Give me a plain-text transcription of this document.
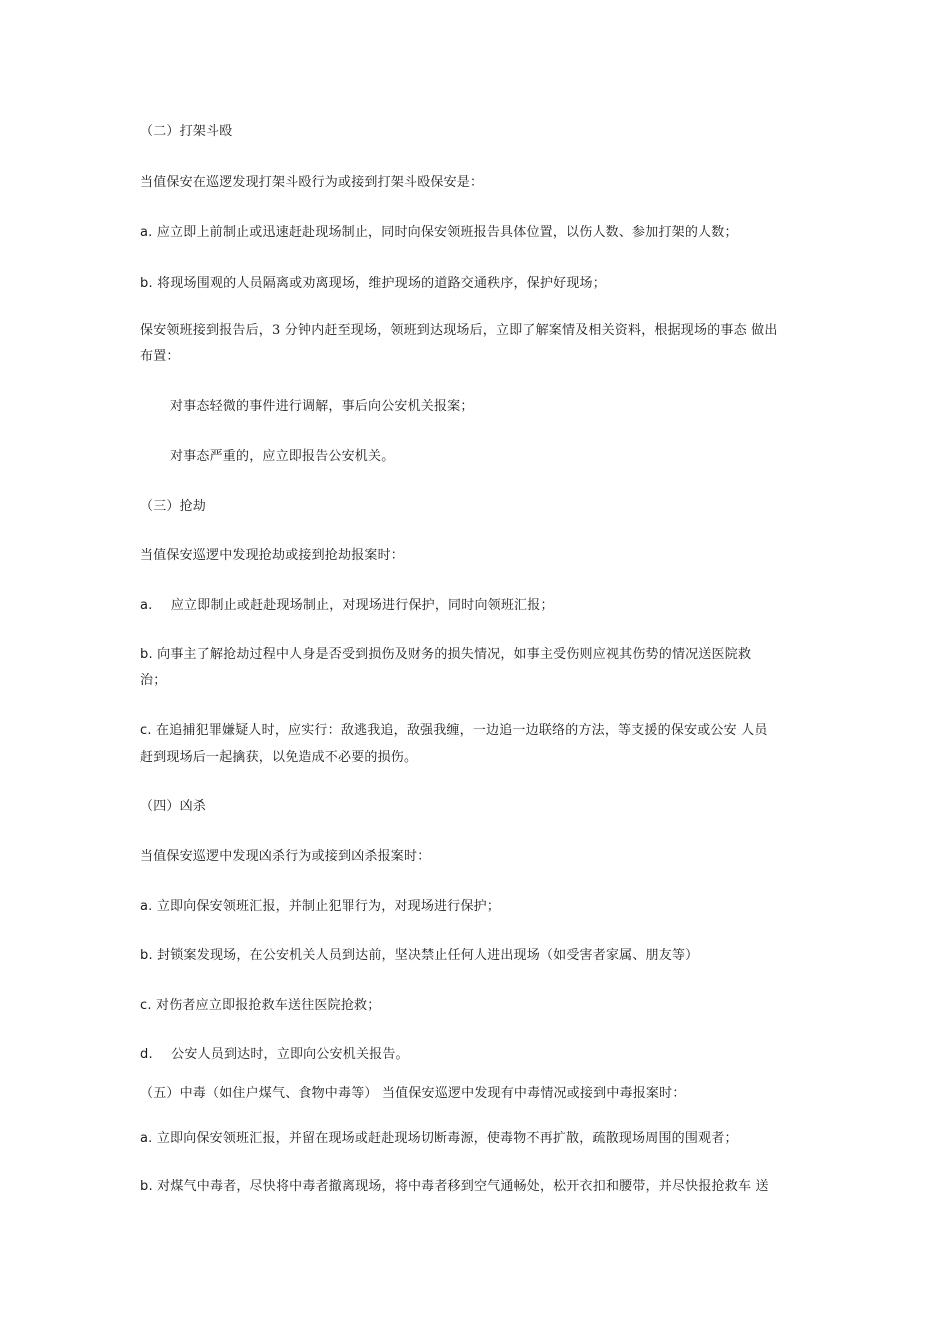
（二）打架斗殴
当值保安在巡逻发现打架斗殴行为或接到打架斗殴保安是：
a. 应立即上前制止或迅速赶赴现场制止，同时向保安领班报告具体位置，以伤人数、参加打架的人数；
b. 将现场围观的人员隔离或劝离现场，维护现场的道路交通秩序，保护好现场；
保安领班接到报告后，3 分钟内赶至现场，领班到达现场后，立即了解案情及相关资料，根据现场的事态 做出
布置：
对事态轻微的事件进行调解，事后向公安机关报案；
对事态严重的，应立即报告公安机关。
（三）抢劫
当值保安巡逻中发现抢劫或接到抢劫报案时：
a. 应立即制止或赶赴现场制止，对现场进行保护，同时向领班汇报；
b. 向事主了解抢劫过程中人身是否受到损伤及财务的损失情况，如事主受伤则应视其伤势的情况送医院救
治；
c. 在追捕犯罪嫌疑人时，应实行：敌逃我追，敌强我缠，一边追一边联络的方法，等支援的保安或公安 人员
赶到现场后一起擒获，以免造成不必要的损伤。
（四）凶杀
当值保安巡逻中发现凶杀行为或接到凶杀报案时：
a. 立即向保安领班汇报，并制止犯罪行为，对现场进行保护；
b. 封锁案发现场，在公安机关人员到达前，坚决禁止任何人进出现场（如受害者家属、朋友等）
c. 对伤者应立即报抢救车送往医院抢救；
d. 公安人员到达时，立即向公安机关报告。
（五）中毒（如住户煤气、食物中毒等） 当值保安巡逻中发现有中毒情况或接到中毒报案时：
a. 立即向保安领班汇报，并留在现场或赶赴现场切断毒源，使毒物不再扩散，疏散现场周围的围观者；
b. 对煤气中毒者，尽快将中毒者撤离现场，将中毒者移到空气通畅处，松开衣扣和腰带，并尽快报抢救车 送
